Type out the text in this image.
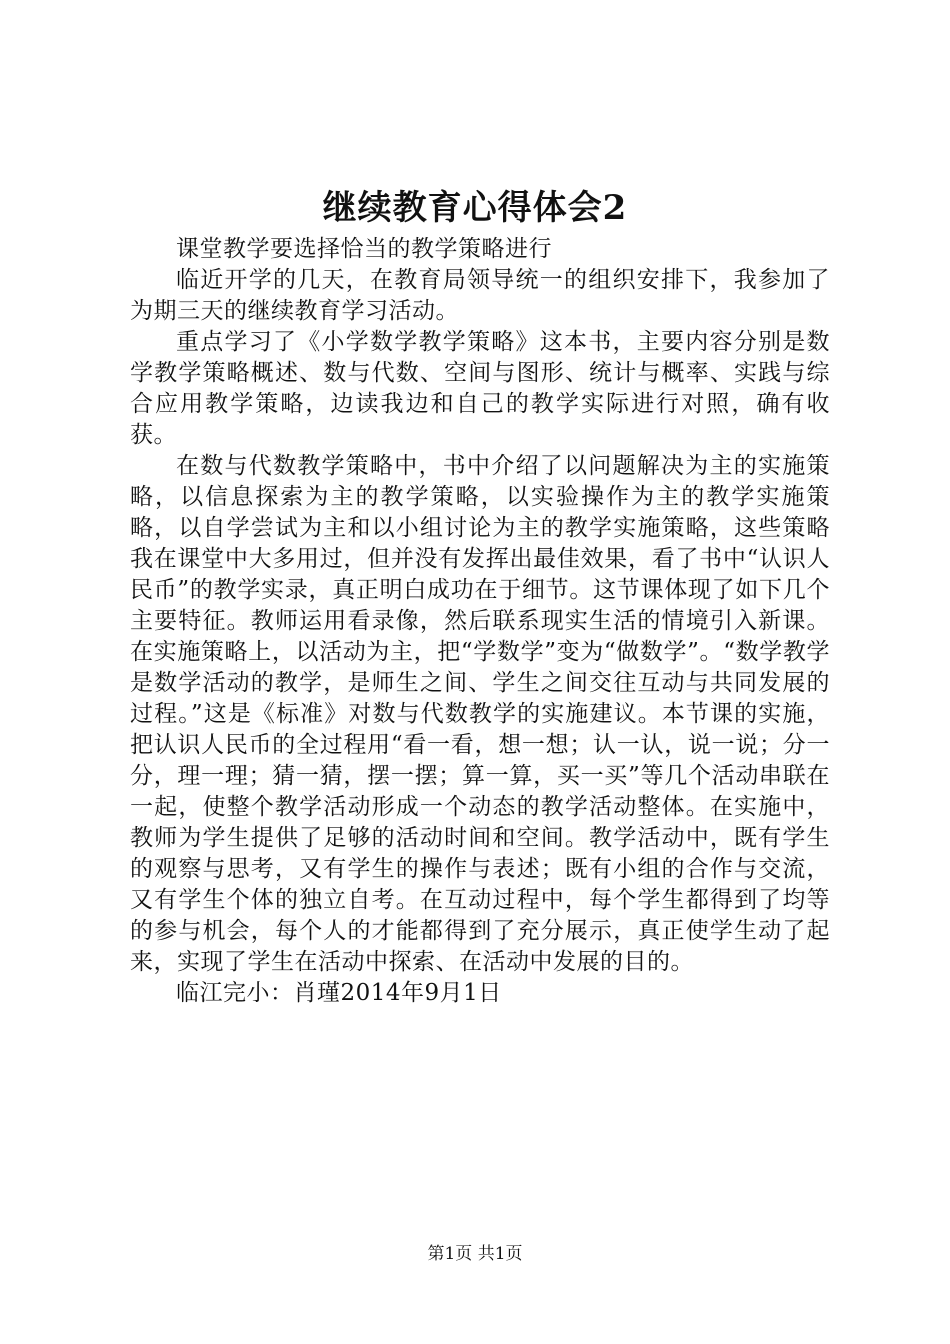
继续教育心得体会2

课堂教学要选择恰当的教学策略进行

临近开学的几天，在教育局领导统一的组织安排下，我参加了为期三天的继续教育学习活动。

重点学习了《小学数学教学策略》这本书，主要内容分别是数学教学策略概述、数与代数、空间与图形、统计与概率、实践与综合应用教学策略，边读我边和自己的教学实际进行对照，确有收获。

在数与代数教学策略中，书中介绍了以问题解决为主的实施策略，以信息探索为主的教学策略，以实验操作为主的教学实施策略，以自学尝试为主和以小组讨论为主的教学实施策略，这些策略我在课堂中大多用过，但并没有发挥出最佳效果，看了书中“认识人民币”的教学实录，真正明白成功在于细节。这节课体现了如下几个主要特征。教师运用看录像，然后联系现实生活的情境引入新课。在实施策略上，以活动为主，把“学数学”变为“做数学”。“数学教学是数学活动的教学，是师生之间、学生之间交往互动与共同发展的过程。”这是《标准》对数与代数教学的实施建议。本节课的实施，把认识人民币的全过程用“看一看，想一想；认一认，说一说；分一分，理一理；猜一猜，摆一摆；算一算，买一买”等几个活动串联在一起，使整个教学活动形成一个动态的教学活动整体。在实施中，教师为学生提供了足够的活动时间和空间。教学活动中，既有学生的观察与思考，又有学生的操作与表述；既有小组的合作与交流，又有学生个体的独立自考。在互动过程中，每个学生都得到了均等的参与机会，每个人的才能都得到了充分展示，真正使学生动了起来，实现了学生在活动中探索、在活动中发展的目的。

临江完小：肖瑾2014年9月1日

第1页 共1页
